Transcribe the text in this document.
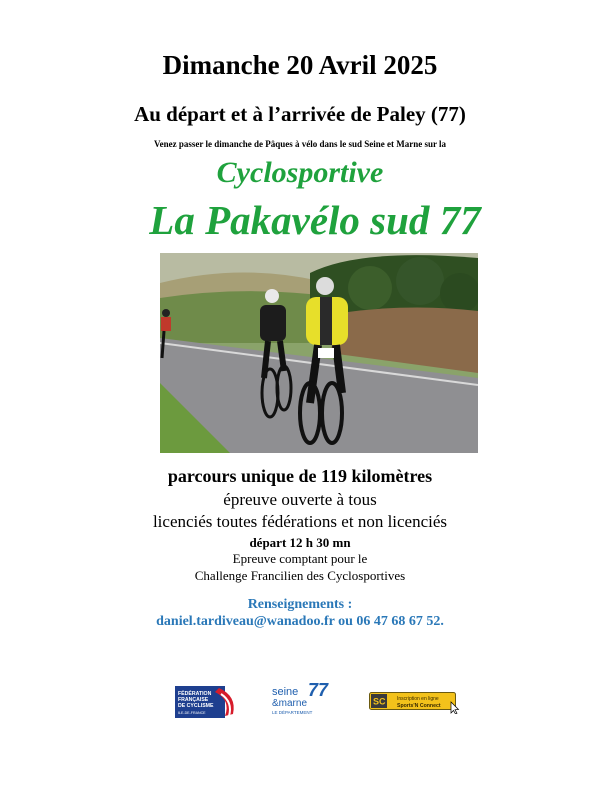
Dimanche 20 Avril 2025
Au départ et à l’arrivée de Paley (77)
Venez passer le dimanche de Pâques à vélo dans le sud Seine et Marne sur la
Cyclosportive
La Pakavélo sud 77
parcours unique de 119 kilomètres
épreuve ouverte à tous
licenciés toutes fédérations et non licenciés
départ 12 h 30 mn
Epreuve comptant pour le
Challenge Francilien des Cyclosportives
Renseignements :
daniel.tardiveau@wanadoo.fr ou 06 47 68 67 52.
FÉDÉRATION
FRANÇAISE
DE CYCLISME
ILE-DE-FRANCE
seine
&marne
77
LE DÉPARTEMENT
SC Inscription en ligne
Sports'N Connect
